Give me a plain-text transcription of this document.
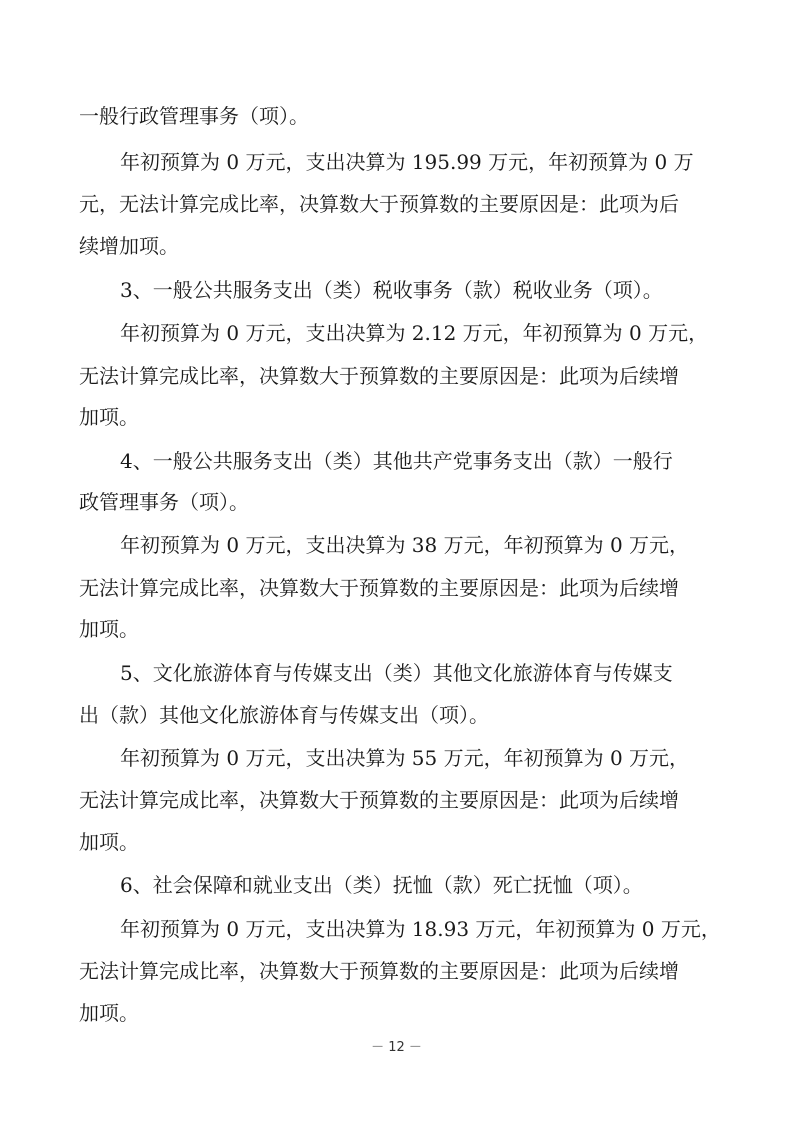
一般行政管理事务（项）。

年初预算为 0 万元，支出决算为 195.99 万元，年初预算为 0 万

元，无法计算完成比率，决算数大于预算数的主要原因是：此项为后

续增加项。

3、一般公共服务支出（类）税收事务（款）税收业务（项）。

年初预算为 0 万元，支出决算为 2.12 万元，年初预算为 0 万元，

无法计算完成比率，决算数大于预算数的主要原因是：此项为后续增

加项。

4、一般公共服务支出（类）其他共产党事务支出（款）一般行

政管理事务（项）。

年初预算为 0 万元，支出决算为 38 万元，年初预算为 0 万元，

无法计算完成比率，决算数大于预算数的主要原因是：此项为后续增

加项。

5、文化旅游体育与传媒支出（类）其他文化旅游体育与传媒支

出（款）其他文化旅游体育与传媒支出（项）。

年初预算为 0 万元，支出决算为 55 万元，年初预算为 0 万元，

无法计算完成比率，决算数大于预算数的主要原因是：此项为后续增

加项。

6、社会保障和就业支出（类）抚恤（款）死亡抚恤（项）。

年初预算为 0 万元，支出决算为 18.93 万元，年初预算为 0 万元，

无法计算完成比率，决算数大于预算数的主要原因是：此项为后续增

加项。

－ 12 －
